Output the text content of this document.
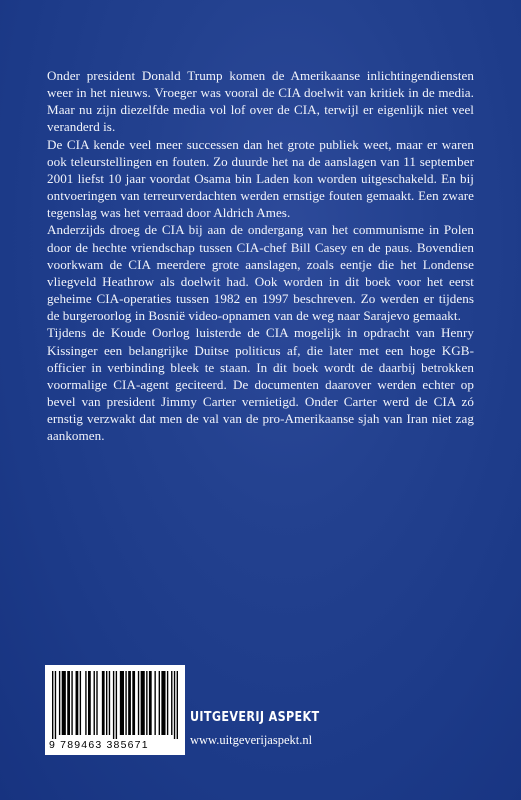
Onder president Donald Trump komen de Amerikaanse inlichtingendiensten weer in het nieuws. Vroeger was vooral de CIA doelwit van kritiek in de media. Maar nu zijn diezelfde media vol lof over de CIA, terwijl er eigenlijk niet veel veranderd is.

De CIA kende veel meer successen dan het grote publiek weet, maar er waren ook teleurstellingen en fouten. Zo duurde het na de aanslagen van 11 september 2001 liefst 10 jaar voordat Osama bin Laden kon worden uitgeschakeld. En bij ontvoeringen van terreurverdachten werden ernstige fouten gemaakt. Een zware tegenslag was het verraad door Aldrich Ames.

Anderzijds droeg de CIA bij aan de ondergang van het communisme in Polen door de hechte vriendschap tussen CIA-chef Bill Casey en de paus. Bovendien voorkwam de CIA meerdere grote aanslagen, zoals eentje die het Londense vliegveld Heathrow als doelwit had. Ook worden in dit boek voor het eerst geheime CIA-operaties tussen 1982 en 1997 beschreven. Zo werden er tijdens de burgeroorlog in Bosnië video-opnamen van de weg naar Sarajevo gemaakt.

Tijdens de Koude Oorlog luisterde de CIA mogelijk in opdracht van Henry Kissinger een belangrijke Duitse politicus af, die later met een hoge KGB-officier in verbinding bleek te staan. In dit boek wordt de daarbij betrokken voormalige CIA-agent geciteerd. De documenten daarover werden echter op bevel van president Jimmy Carter vernietigd. Onder Carter werd de CIA zó ernstig verzwakt dat men de val van de pro-Amerikaanse sjah van Iran niet zag aankomen.

9 789463 385671
UITGEVERIJ ASPEKT
www.uitgeverijaspekt.nl
